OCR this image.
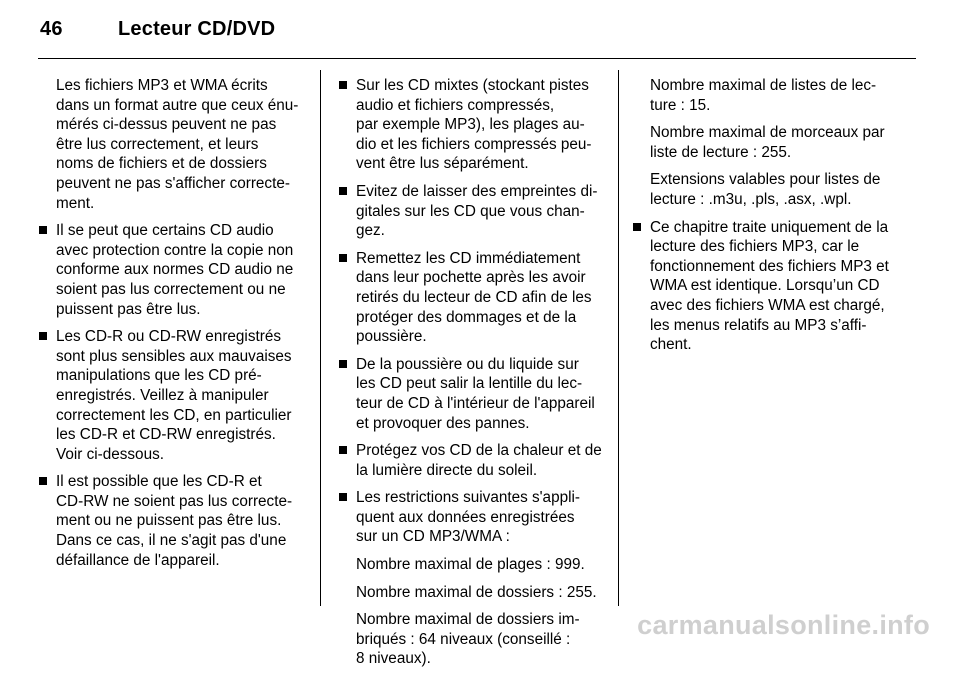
46	Lecteur CD/DVD

Les fichiers MP3 et WMA écrits
dans un format autre que ceux énu-
mérés ci-dessus peuvent ne pas
être lus correctement, et leurs
noms de fichiers et de dossiers
peuvent ne pas s'afficher correcte-
ment.

Il se peut que certains CD audio
avec protection contre la copie non
conforme aux normes CD audio ne
soient pas lus correctement ou ne
puissent pas être lus.
Les CD-R ou CD-RW enregistrés
sont plus sensibles aux mauvaises
manipulations que les CD pré-
enregistrés. Veillez à manipuler
correctement les CD, en particulier
les CD-R et CD-RW enregistrés.
Voir ci-dessous.
Il est possible que les CD-R et
CD-RW ne soient pas lus correcte-
ment ou ne puissent pas être lus.
Dans ce cas, il ne s'agit pas d'une
défaillance de l'appareil.
Sur les CD mixtes (stockant pistes
audio et fichiers compressés,
par exemple MP3), les plages au-
dio et les fichiers compressés peu-
vent être lus séparément.
Evitez de laisser des empreintes di-
gitales sur les CD que vous chan-
gez.
Remettez les CD immédiatement
dans leur pochette après les avoir
retirés du lecteur de CD afin de les
protéger des dommages et de la
poussière.
De la poussière ou du liquide sur
les CD peut salir la lentille du lec-
teur de CD à l'intérieur de l'appareil
et provoquer des pannes.
Protégez vos CD de la chaleur et de
la lumière directe du soleil.
Les restrictions suivantes s'appli-
quent aux données enregistrées
sur un CD MP3/WMA :

Nombre maximal de plages : 999.

Nombre maximal de dossiers : 255.

Nombre maximal de dossiers im-
briqués : 64 niveaux (conseillé :
8 niveaux).

Nombre maximal de listes de lec-
ture : 15.

Nombre maximal de morceaux par
liste de lecture : 255.

Extensions valables pour listes de
lecture : .m3u, .pls, .asx, .wpl.

Ce chapitre traite uniquement de la
lecture des fichiers MP3, car le
fonctionnement des fichiers MP3 et
WMA est identique. Lorsqu’un CD
avec des fichiers WMA est chargé,
les menus relatifs au MP3 s’affi-
chent.
carmanualsonline.info
